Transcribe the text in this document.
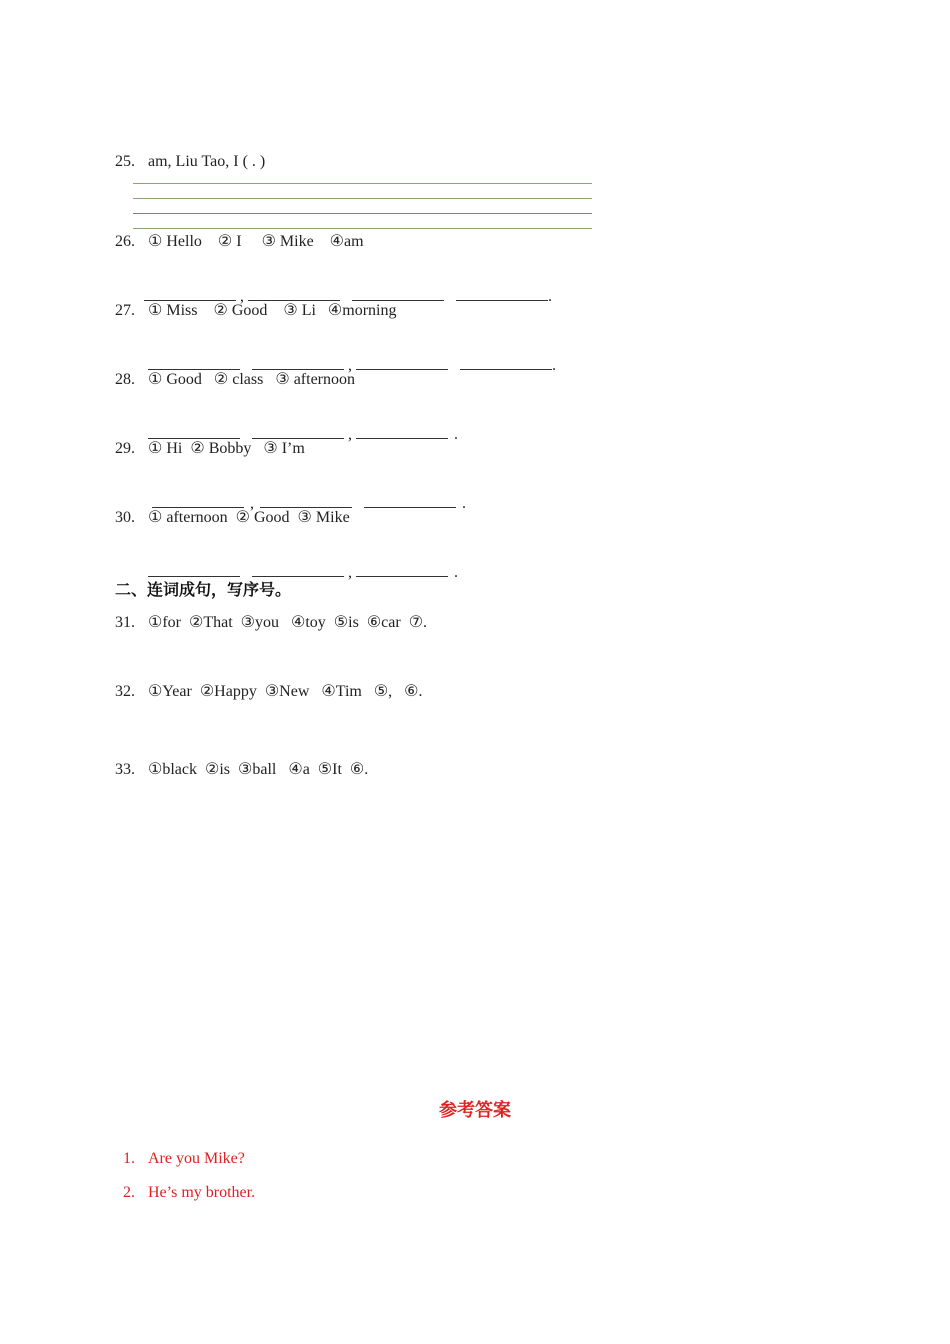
25. am, Liu Tao, I ( . )
26. ① Hello    ② I     ③ Mike    ④am

,	.

27. ① Miss    ② Good    ③ Li   ④morning

,	.

28. ① Good   ② class   ③ afternoon

,	.

29. ① Hi  ② Bobby   ③ I’m

,	.

30. ① afternoon  ② Good  ③ Mike

,	.

二、连词成句，写序号。
31. ①for  ②That  ③you   ④toy  ⑤is  ⑥car  ⑦.
32. ①Year  ②Happy  ③New   ④Tim   ⑤,   ⑥.
33. ①black  ②is  ③ball   ④a  ⑤It  ⑥.
参考答案

1. Are you Mike?

2. He’s my brother.
